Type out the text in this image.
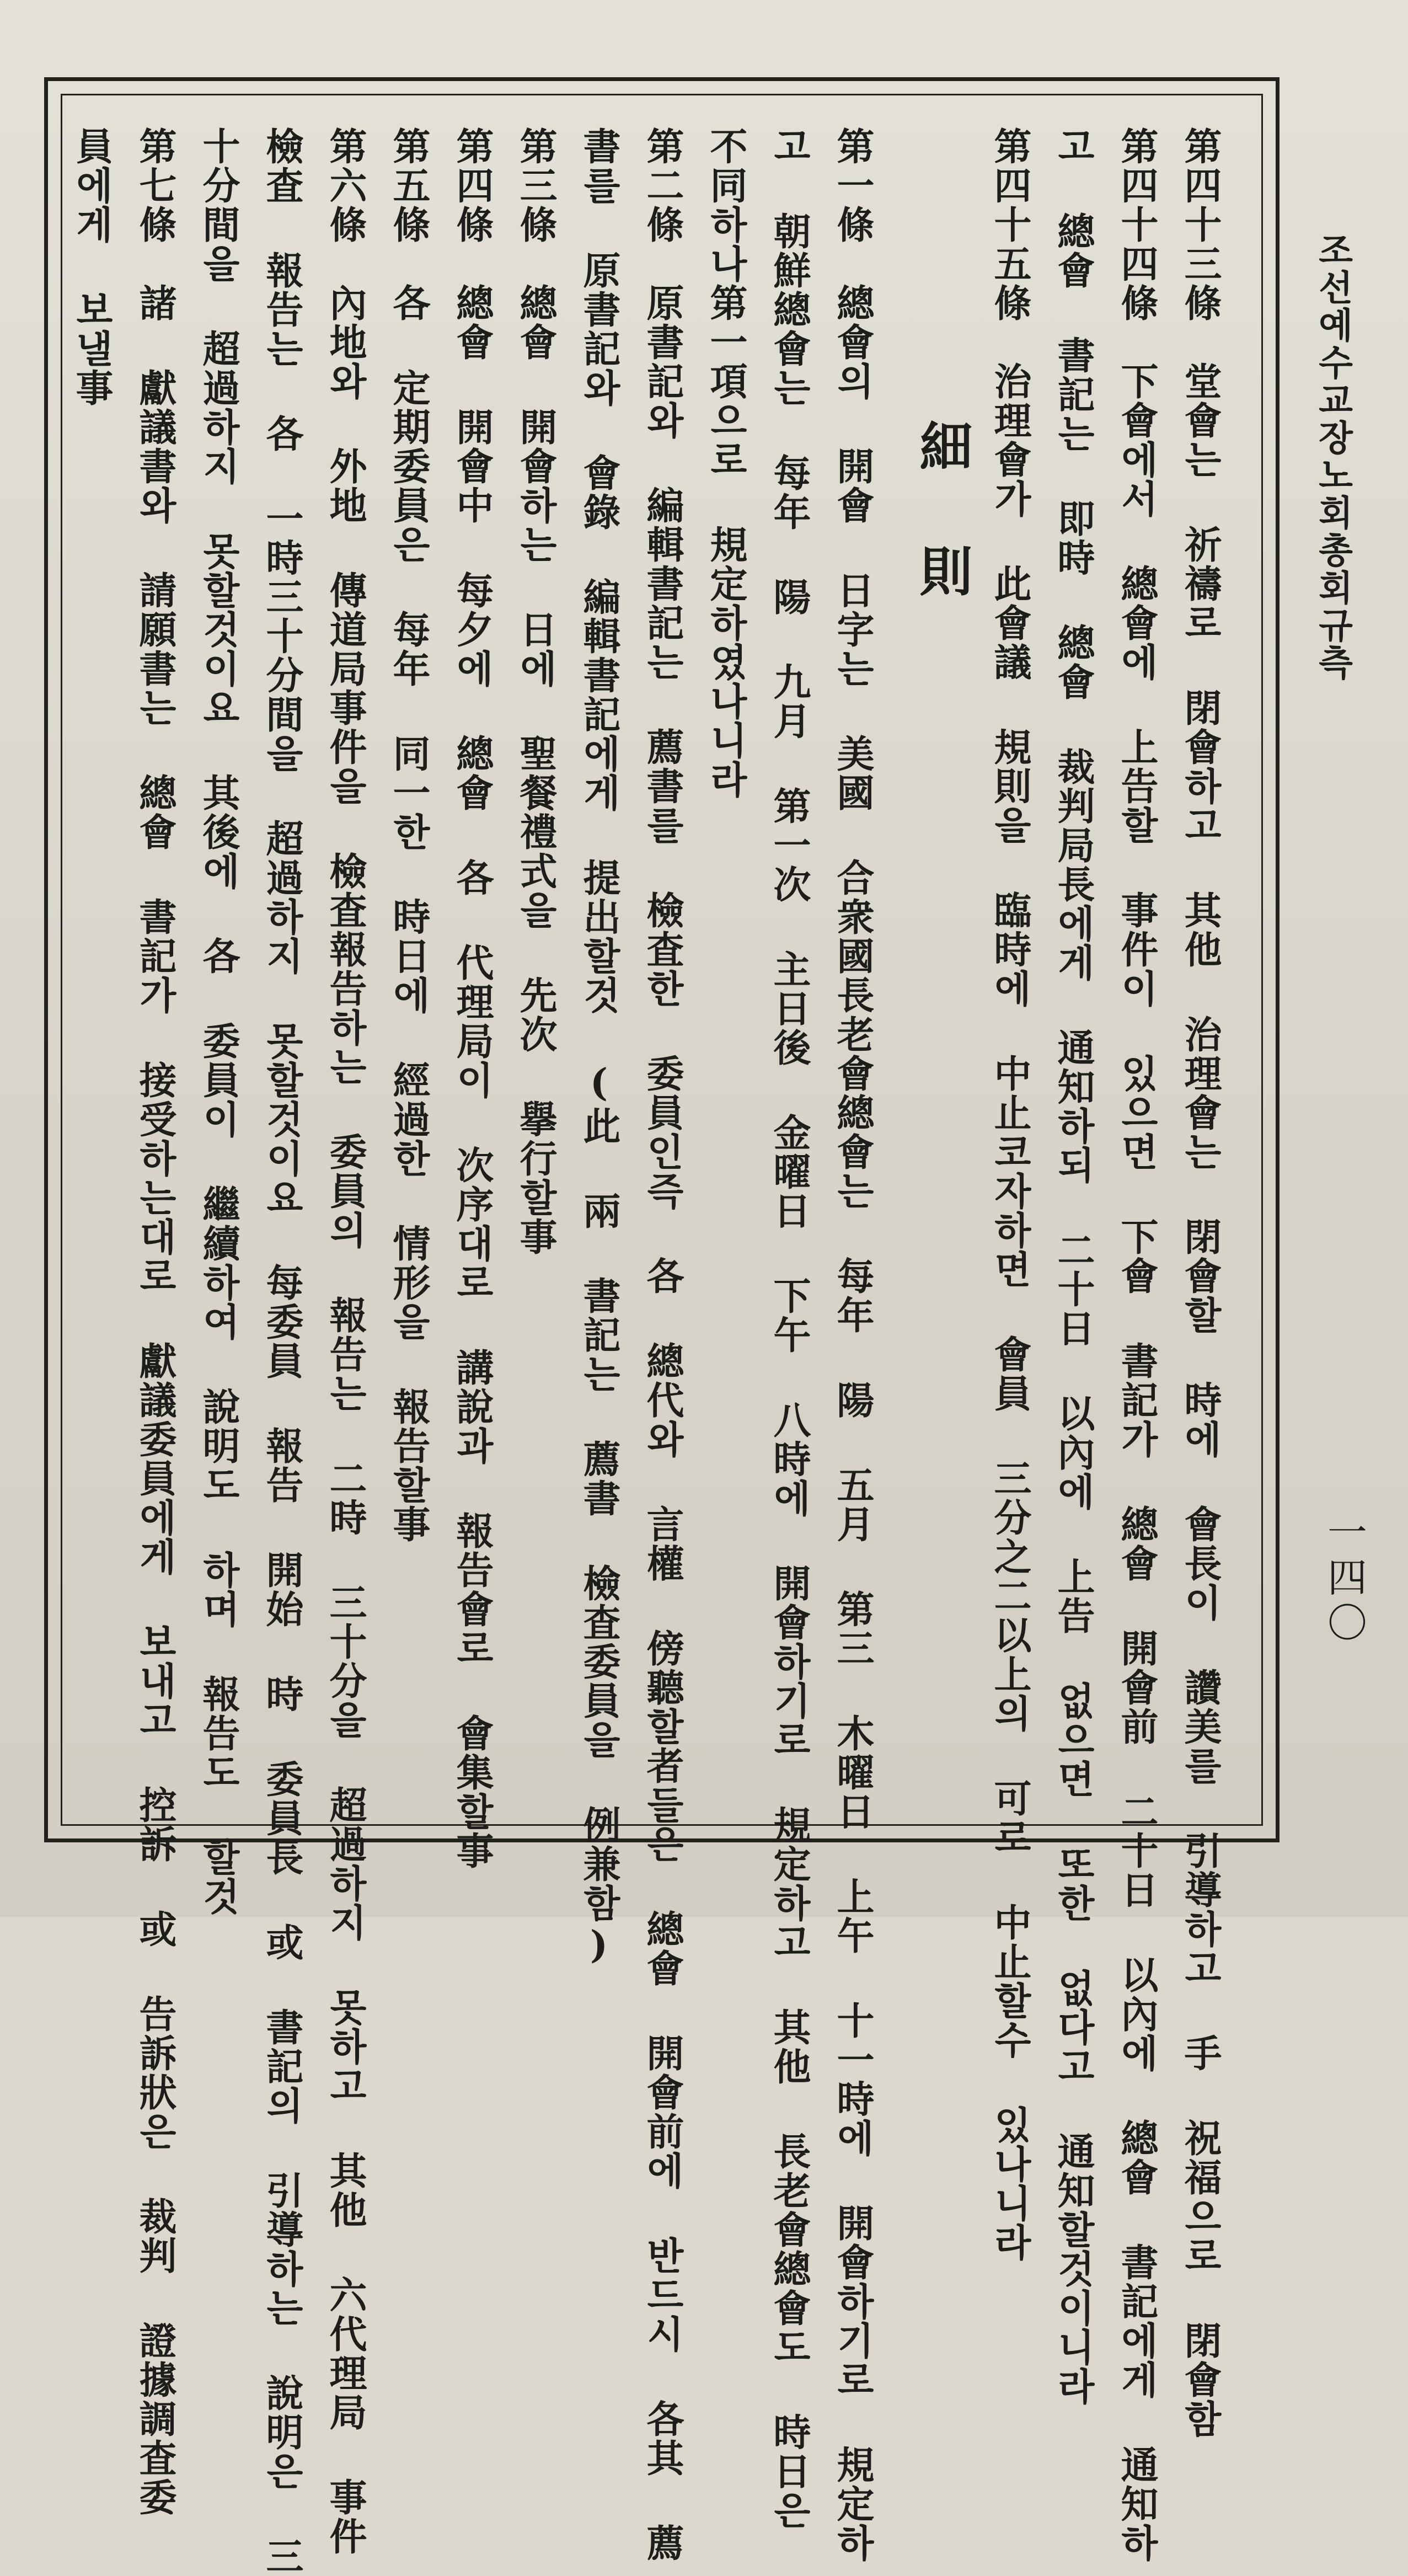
조선예수교장노회총회규측
一四〇
細則	第四十三條　堂會는 祈禱로 閉會하고 其他 治理會는 閉會할 時에 會長이 讚美를 引導하고 手 祝福으로 閉會함
第四十四條　下會에서 總會에 上告할 事件이 있으면 下會 書記가 總會 開會前 二十日 以內에 總會 書記에게 通知하
고 總會 書記는 即時 總會 裁判局長에게 通知하되 二十日 以內에 上告 없으면 또한 없다고 通知할것이니라
第四十五條　治理會가 此會議 規則을 臨時에 中止코자하면 會員 三分之二以上의 可로 中止할수 있나니라
第一條　總會의 開會 日字는 美國 合衆國長老會總會는 每年 陽 五月 第三 木曜日 上午 十一時에 開會하기로 規定하
고 朝鮮總會는 每年 陽 九月 第一次 主日後 金曜日 下午 八時에 開會하기로 規定하고 其他 長老會總會도 時日은
不同하나第一項으로 規定하였나니라
第二條　原書記와 編輯書記는 薦書를 檢査한 委員인즉 各 總代와 言權 傍聽할者들은 總會 開會前에 반드시 各其 薦
書를 原書記와 會錄 編輯書記에게 提出할것 (此 兩 書記는 薦書 檢査委員을 例兼함)
第三條　總會 開會하는 日에 聖餐禮式을 先次 擧行할事
第四條　總會 開會中 每夕에 總會 各 代理局이 次序대로 講說과 報告會로 會集할事
第五條　各 定期委員은 每年 同一한 時日에 經過한 情形을 報告할事
第六條　內地와 外地 傳道局事件을 檢査報告하는 委員의 報告는 二時 三十分을 超過하지 못하고 其他 六代理局 事件
檢査 報告는 各 一時三十分間을 超過하지 못할것이요 每委員 報告 開始 時 委員長 或 書記의 引導하는 說明은 三
十分間을 超過하지 못할것이요 其後에 各 委員이 繼續하여 說明도 하며 報告도 할것
第七條　諸 獻議書와 請願書는 總會 書記가 接受하는대로 獻議委員에게 보내고 控訴 或 告訴狀은 裁判 證據調査委
員에게 보낼事
